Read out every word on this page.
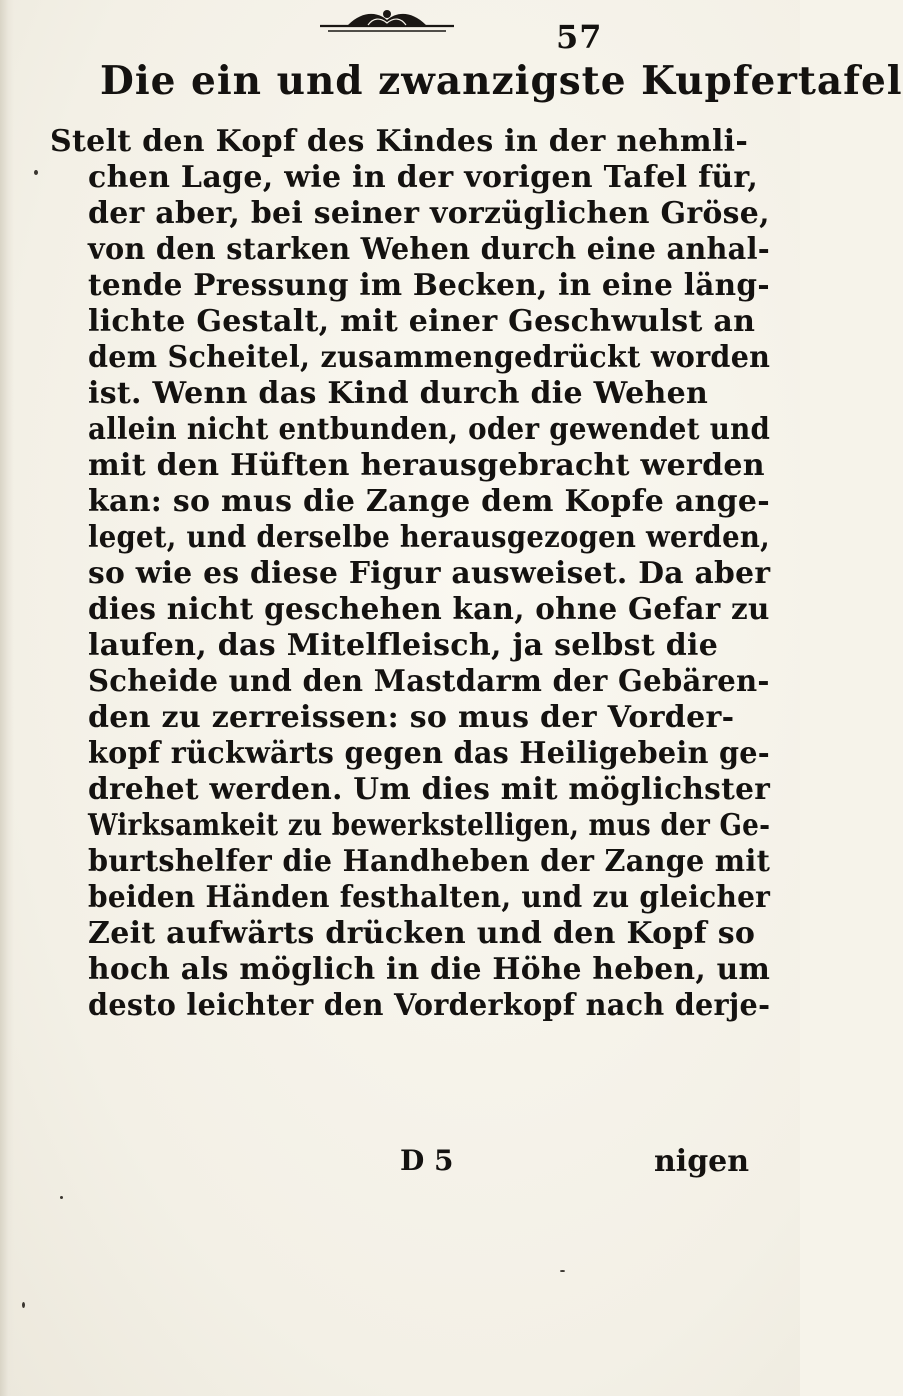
57
Die ein und zwanzigste Kupfertafel
Stelt den Kopf des Kindes in der nehmli-
chen Lage, wie in der vorigen Tafel für,
der aber, bei seiner vorzüglichen Gröse,
von den starken Wehen durch eine anhal-
tende Pressung im Becken, in eine läng-
lichte Gestalt, mit einer Geschwulst an
dem Scheitel, zusammengedrückt worden
ist. Wenn das Kind durch die Wehen
allein nicht entbunden, oder gewendet und
mit den Hüften herausgebracht werden
kan: so mus die Zange dem Kopfe ange-
leget, und derselbe herausgezogen werden,
so wie es diese Figur ausweiset. Da aber
dies nicht geschehen kan, ohne Gefar zu
laufen, das Mitelfleisch, ja selbst die
Scheide und den Mastdarm der Gebären-
den zu zerreissen: so mus der Vorder-
kopf rückwärts gegen das Heiligebein ge-
drehet werden. Um dies mit möglichster
Wirksamkeit zu bewerkstelligen, mus der Ge-
burtshelfer die Handheben der Zange mit
beiden Händen festhalten, und zu gleicher
Zeit aufwärts drücken und den Kopf so
hoch als möglich in die Höhe heben, um
desto leichter den Vorderkopf nach derje-
D 5	nigen
